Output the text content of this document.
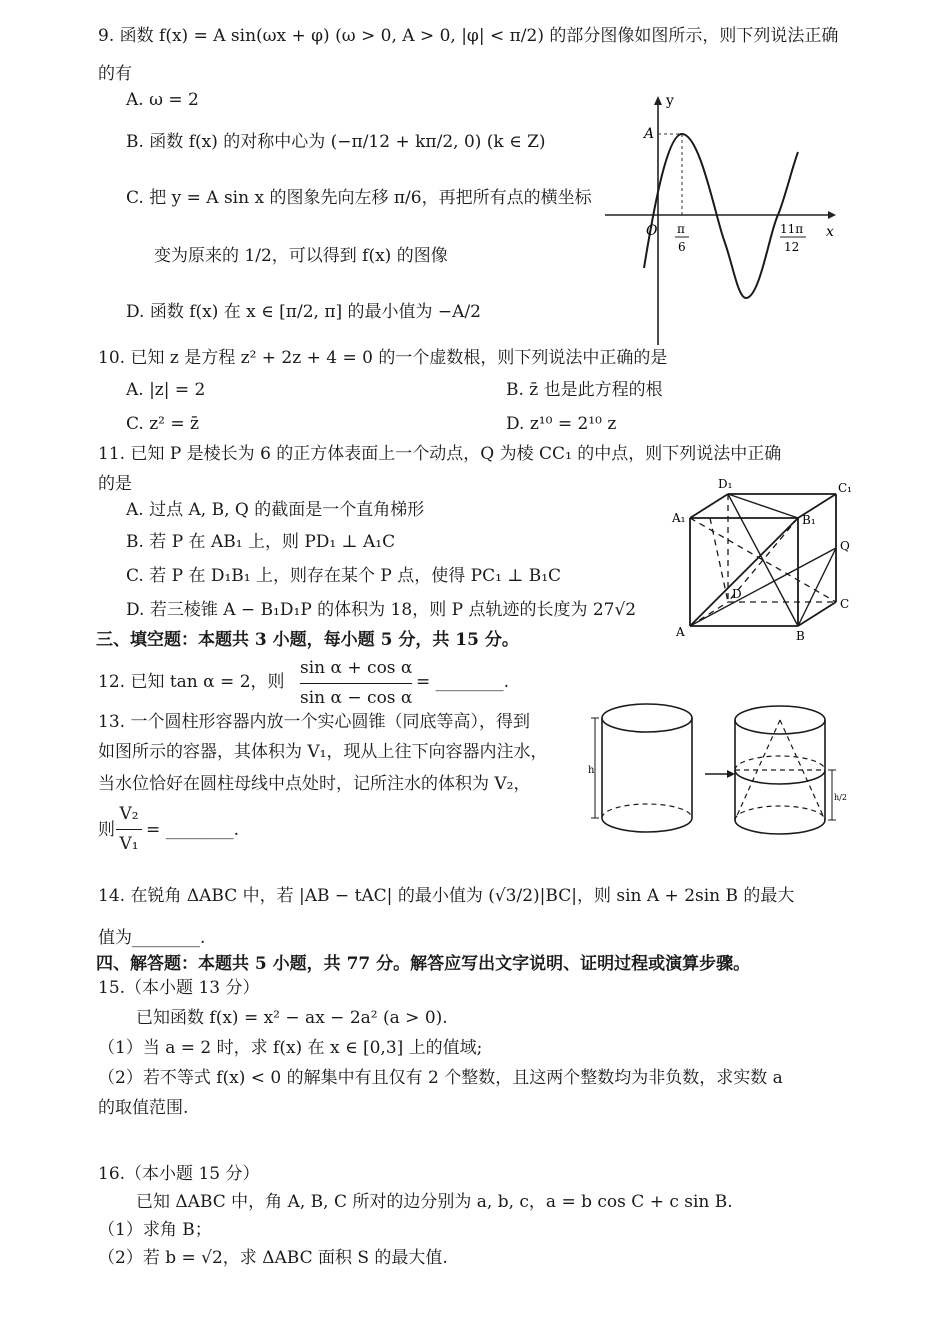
9. 函数 f(x) = A sin(ωx + φ) (ω > 0, A > 0, |φ| < π/2) 的部分图像如图所示，则下列说法正确
的有
A. ω = 2
B. 函数 f(x) 的对称中心为 (−π/12 + kπ/2, 0) (k ∈ Z)
C. 把 y = A sin x 的图象先向左移 π/6，再把所有点的横坐标
变为原来的 1/2，可以得到 f(x) 的图像
D. 函数 f(x) 在 x ∈ [π/2, π] 的最小值为 −A/2
y
A
O	x
π
6
11π
12
10. 已知 z 是方程 z² + 2z + 4 = 0 的一个虚数根，则下列说法中正确的是
A. |z| = 2	B. z̄ 也是此方程的根
C. z² = z̄	D. z¹⁰ = 2¹⁰ z
11. 已知 P 是棱长为 6 的正方体表面上一个动点，Q 为棱 CC₁ 的中点，则下列说法中正确
的是
A. 过点 A, B, Q 的截面是一个直角梯形
B. 若 P 在 AB₁ 上，则 PD₁ ⊥ A₁C
C. 若 P 在 D₁B₁ 上，则存在某个 P 点，使得 PC₁ ⊥ B₁C
D. 若三棱锥 A − B₁D₁P 的体积为 18，则 P 点轨迹的长度为 27√2
D₁	C₁
A₁	B₁
Q
D
C
A	B
三、填空题：本题共 3 小题，每小题 5 分，共 15 分。
12. 已知 tan α = 2，则
sin α + cos α
sin α − cos α
= ________.
13. 一个圆柱形容器内放一个实心圆锥（同底等高），得到
如图所示的容器，其体积为 V₁，现从上往下向容器内注水，
当水位恰好在圆柱母线中点处时，记所注水的体积为 V₂，
则
V₂
V₁
= ________.
h
h/2
14. 在锐角 ΔABC 中，若 |AB − tAC| 的最小值为 (√3/2)|BC|，则 sin A + 2sin B 的最大
值为________.
四、解答题：本题共 5 小题，共 77 分。解答应写出文字说明、证明过程或演算步骤。
15.（本小题 13 分）
已知函数 f(x) = x² − ax − 2a² (a > 0).
（1）当 a = 2 时，求 f(x) 在 x ∈ [0,3] 上的值域;
（2）若不等式 f(x) < 0 的解集中有且仅有 2 个整数，且这两个整数均为非负数，求实数 a
的取值范围.
16.（本小题 15 分）
已知 ΔABC 中，角 A, B, C 所对的边分别为 a, b, c，a = b cos C + c sin B.
（1）求角 B；
（2）若 b = √2，求 ΔABC 面积 S 的最大值.
